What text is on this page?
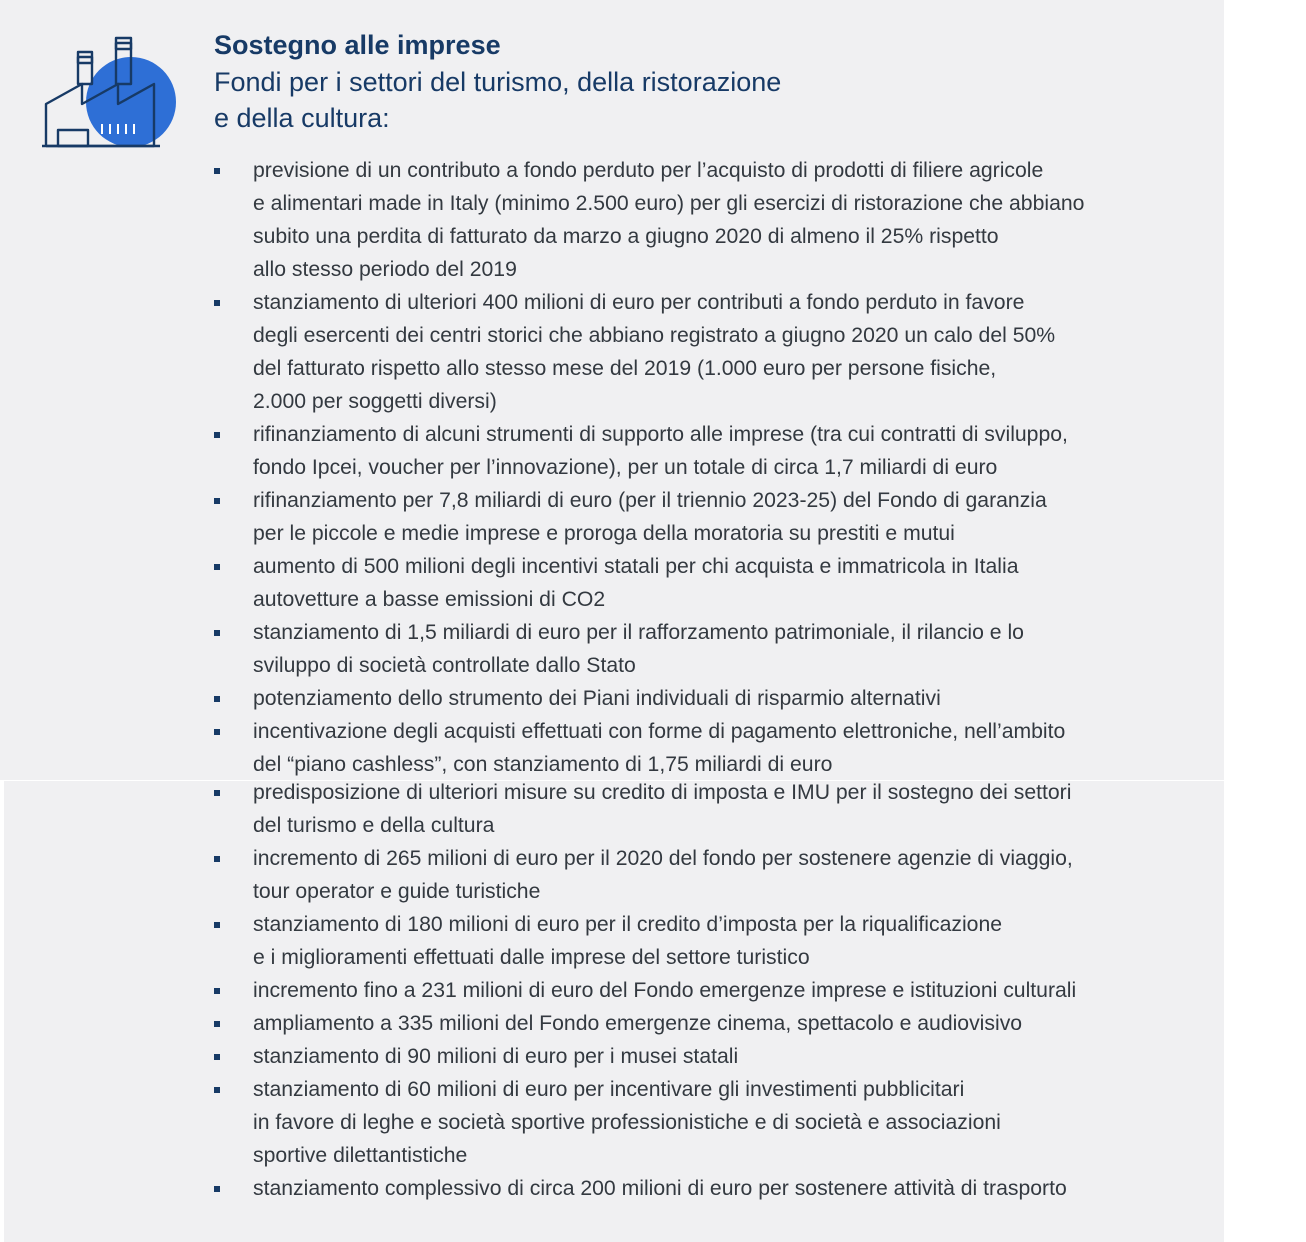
Sostegno alle imprese
Fondi per i settori del turismo, della ristorazione
e della cultura:
previsione di un contributo a fondo perduto per l’acquisto di prodotti di filiere agricole
e alimentari made in Italy (minimo 2.500 euro) per gli esercizi di ristorazione che abbiano
subito una perdita di fatturato da marzo a giugno 2020 di almeno il 25% rispetto
allo stesso periodo del 2019
stanziamento di ulteriori 400 milioni di euro per contributi a fondo perduto in favore
degli esercenti dei centri storici che abbiano registrato a giugno 2020 un calo del 50%
del fatturato rispetto allo stesso mese del 2019 (1.000 euro per persone fisiche,
2.000 per soggetti diversi)
rifinanziamento di alcuni strumenti di supporto alle imprese (tra cui contratti di sviluppo,
fondo Ipcei, voucher per l’innovazione), per un totale di circa 1,7 miliardi di euro
rifinanziamento per 7,8 miliardi di euro (per il triennio 2023-25) del Fondo di garanzia
per le piccole e medie imprese e proroga della moratoria su prestiti e mutui
aumento di 500 milioni degli incentivi statali per chi acquista e immatricola in Italia
autovetture a basse emissioni di CO2
stanziamento di 1,5 miliardi di euro per il rafforzamento patrimoniale, il rilancio e lo
sviluppo di società controllate dallo Stato
potenziamento dello strumento dei Piani individuali di risparmio alternativi
incentivazione degli acquisti effettuati con forme di pagamento elettroniche, nell’ambito
del “piano cashless”, con stanziamento di 1,75 miliardi di euro
predisposizione di ulteriori misure su credito di imposta e IMU per il sostegno dei settori
del turismo e della cultura
incremento di 265 milioni di euro per il 2020 del fondo per sostenere agenzie di viaggio,
tour operator e guide turistiche
stanziamento di 180 milioni di euro per il credito d’imposta per la riqualificazione
e i miglioramenti effettuati dalle imprese del settore turistico
incremento fino a 231 milioni di euro del Fondo emergenze imprese e istituzioni culturali
ampliamento a 335 milioni del Fondo emergenze cinema, spettacolo e audiovisivo
stanziamento di 90 milioni di euro per i musei statali
stanziamento di 60 milioni di euro per incentivare gli investimenti pubblicitari
in favore di leghe e società sportive professionistiche e di società e associazioni
sportive dilettantistiche
stanziamento complessivo di circa 200 milioni di euro per sostenere attività di trasporto
